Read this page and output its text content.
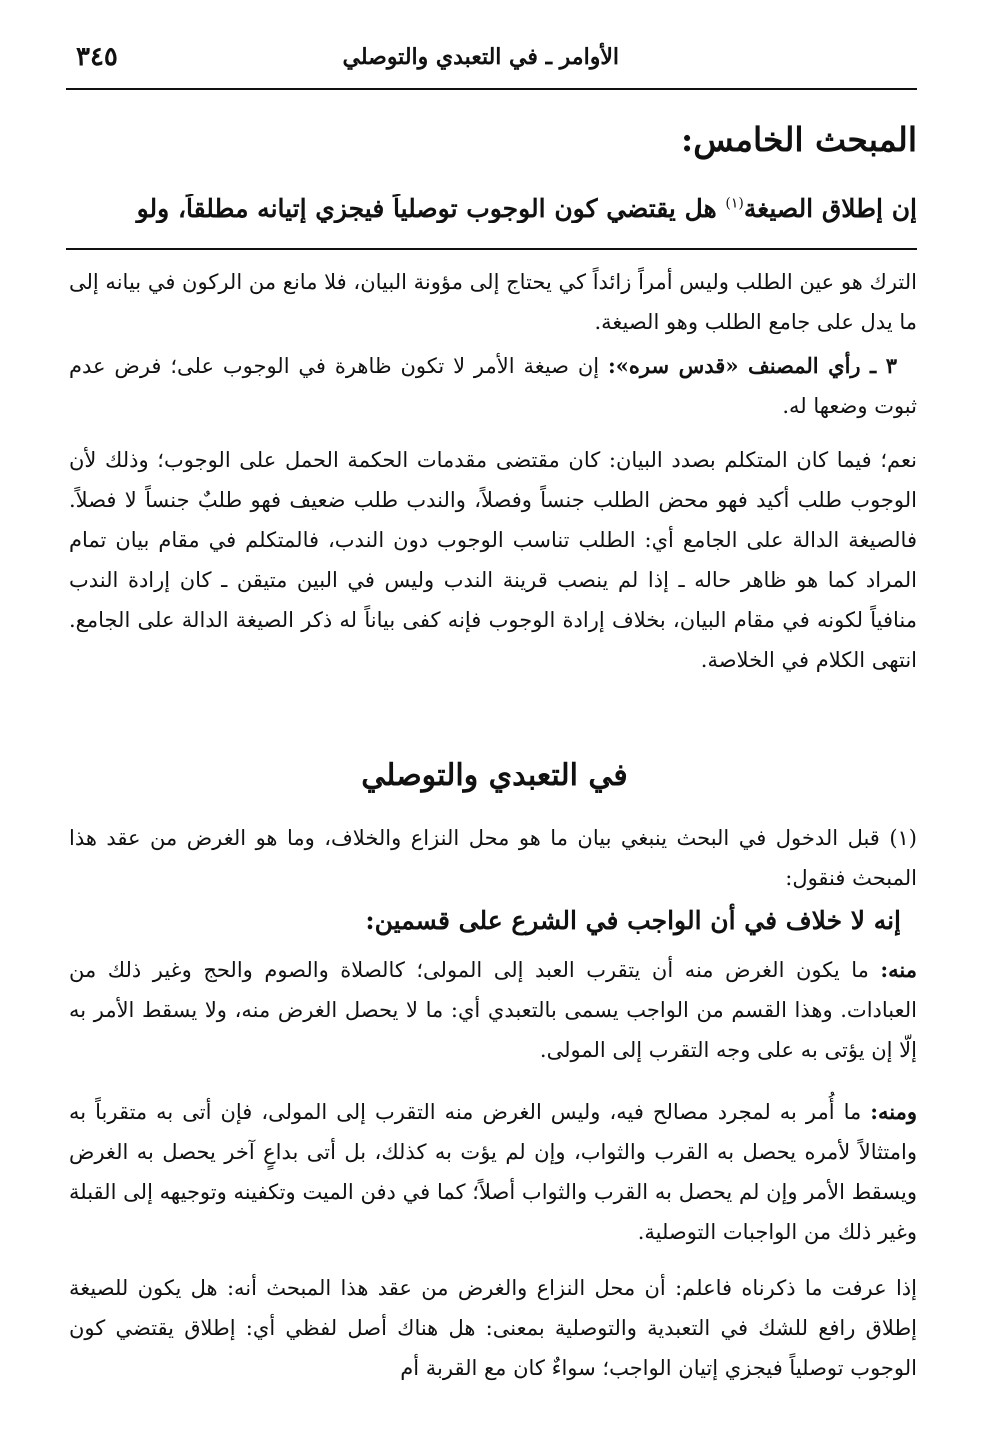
٣٤٥	الأوامر ـ في التعبدي والتوصلي
المبحث الخامس:
إن إطلاق الصيغة$^{(١)}$ هل يقتضي كون الوجوب توصلياً فيجزي إتيانه مطلقاً، ولو
الترك هو عين الطلب وليس أمراً زائداً كي يحتاج إلى مؤونة البيان، فلا مانع من الركون في بيانه إلى ما يدل على جامع الطلب وهو الصيغة.
٣ ـ رأي المصنف «قدس سره»: إن صيغة الأمر لا تكون ظاهرة في الوجوب على؛ فرض عدم ثبوت وضعها له.
نعم؛ فيما كان المتكلم بصدد البيان: كان مقتضى مقدمات الحكمة الحمل على الوجوب؛ وذلك لأن الوجوب طلب أكيد فهو محض الطلب جنساً وفصلاً، والندب طلب ضعيف فهو طلبٌ جنساً لا فصلاً. فالصيغة الدالة على الجامع أي: الطلب تناسب الوجوب دون الندب، فالمتكلم في مقام بيان تمام المراد كما هو ظاهر حاله ـ إذا لم ينصب قرينة الندب وليس في البين متيقن ـ كان إرادة الندب منافياً لكونه في مقام البيان، بخلاف إرادة الوجوب فإنه كفى بياناً له ذكر الصيغة الدالة على الجامع. انتهى الكلام في الخلاصة.
في التعبدي والتوصلي
(١) قبل الدخول في البحث ينبغي بيان ما هو محل النزاع والخلاف، وما هو الغرض من عقد هذا المبحث فنقول:
إنه لا خلاف في أن الواجب في الشرع على قسمين:
منه: ما يكون الغرض منه أن يتقرب العبد إلى المولى؛ كالصلاة والصوم والحج وغير ذلك من العبادات. وهذا القسم من الواجب يسمى بالتعبدي أي: ما لا يحصل الغرض منه، ولا يسقط الأمر به إلّا إن يؤتى به على وجه التقرب إلى المولى.
ومنه: ما أُمر به لمجرد مصالح فيه، وليس الغرض منه التقرب إلى المولى، فإن أتى به متقرباً به وامتثالاً لأمره يحصل به القرب والثواب، وإن لم يؤت به كذلك، بل أتى بداعٍ آخر يحصل به الغرض ويسقط الأمر وإن لم يحصل به القرب والثواب أصلاً؛ كما في دفن الميت وتكفينه وتوجيهه إلى القبلة وغير ذلك من الواجبات التوصلية.
إذا عرفت ما ذكرناه فاعلم: أن محل النزاع والغرض من عقد هذا المبحث أنه: هل يكون للصيغة إطلاق رافع للشك في التعبدية والتوصلية بمعنى: هل هناك أصل لفظي أي: إطلاق يقتضي كون الوجوب توصلياً فيجزي إتيان الواجب؛ سواءٌ كان مع القربة أم
